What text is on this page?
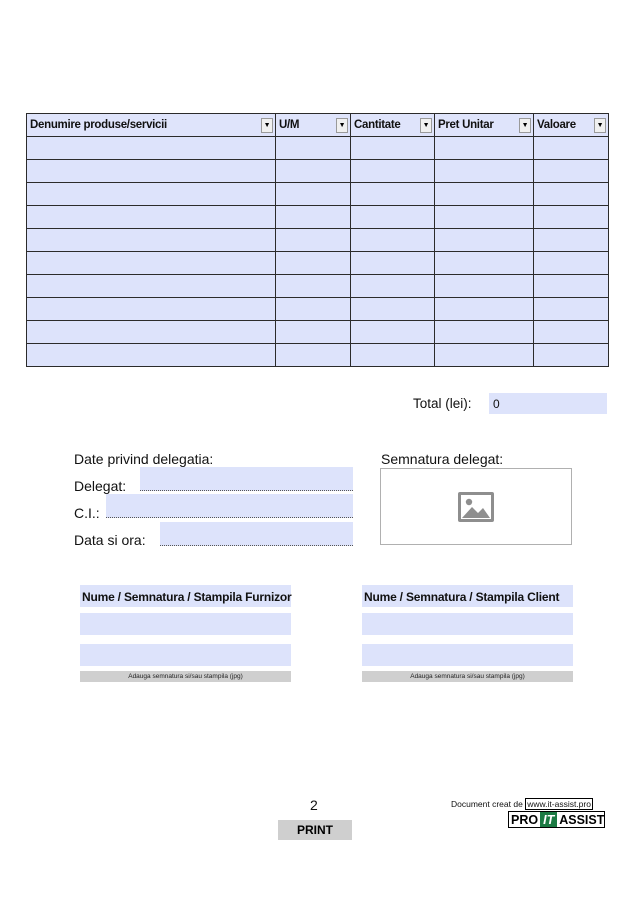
Denumire produse/servicii ▼	U/M ▼	Cantitate ▼	Pret Unitar ▼	Valoare ▼

Total (lei):	0
Date privind delegatia:
Delegat:
C.I.:
Data si ora:
Semnatura delegat:
Nume / Semnatura / Stampila Furnizor
Adauga semnatura si/sau stampila (jpg)
Nume / Semnatura / Stampila Client
Adauga semnatura si/sau stampila (jpg)
2
PRINT
Document creat de www.it-assist.pro
PRO IT ASSIST
